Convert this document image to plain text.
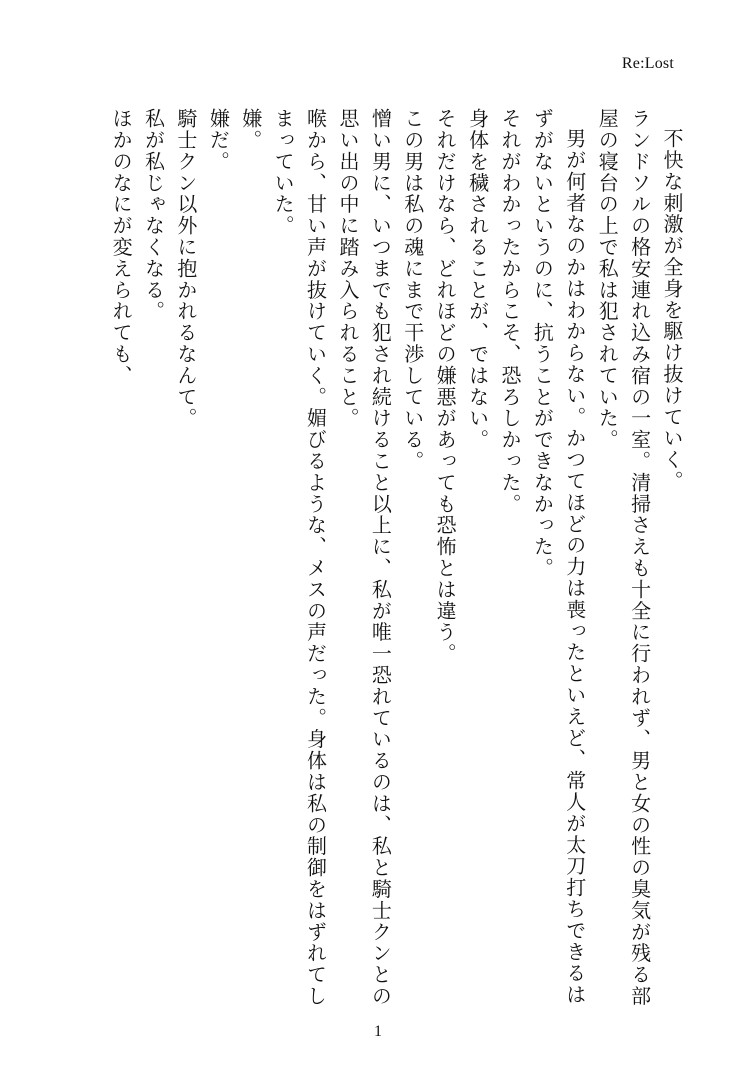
Re:Lost

不快な刺激が全身を駆け抜けていく。

ランドソルの格安連れ込み宿の一室。清掃さえも十全に行われず、男と女の性の臭気が残る部屋の寝台の上で私は犯されていた。

男が何者なのかはわからない。かつてほどの力は喪ったといえど、常人が太刀打ちできるはずがないというのに、抗うことができなかった。

それがわかったからこそ、恐ろしかった。

身体を穢されることが、ではない。

それだけなら、どれほどの嫌悪があっても恐怖とは違う。

この男は私の魂にまで干渉している。

憎い男に、いつまでも犯され続けること以上に、私が唯一恐れているのは、私と騎士クンとの思い出の中に踏み入られること。

喉から、甘い声が抜けていく。媚びるような、メスの声だった。身体は私の制御をはずれてしまっていた。

嫌。

嫌だ。

騎士クン以外に抱かれるなんて。

私が私じゃなくなる。

ほかのなにが変えられても、

1
